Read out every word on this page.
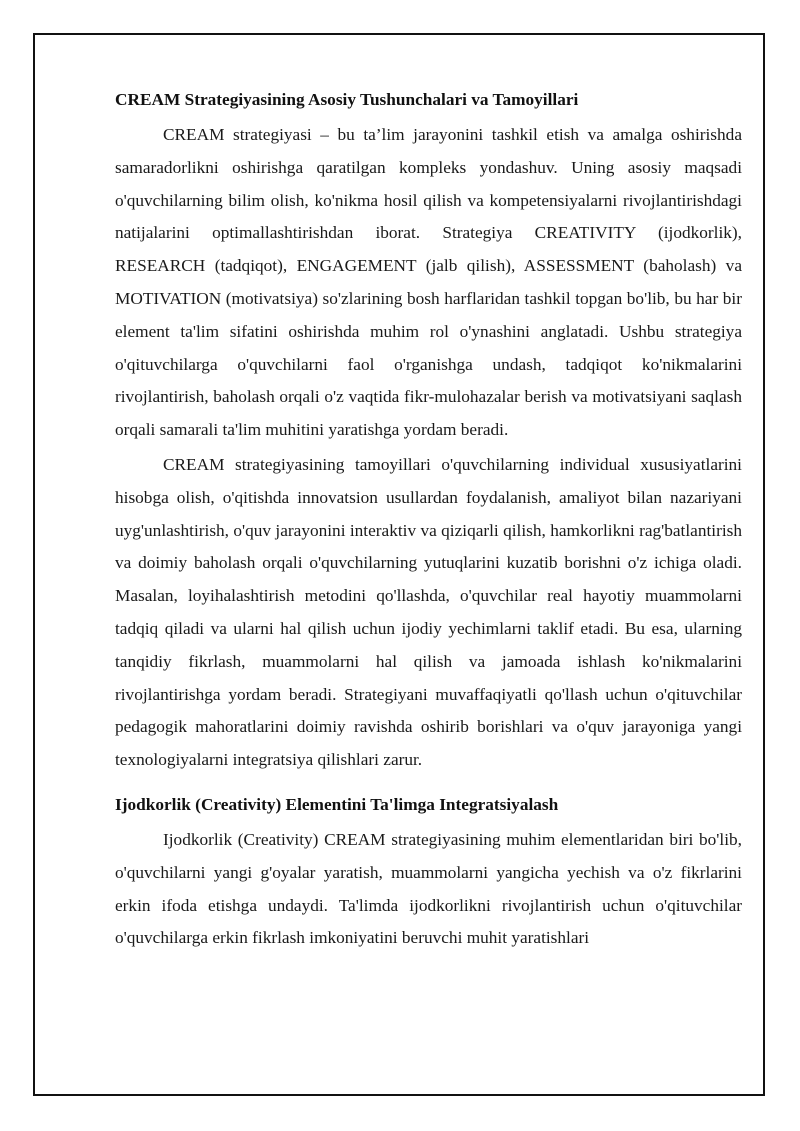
CREAM Strategiyasining Asosiy Tushunchalari va Tamoyillari

CREAM strategiyasi – bu ta’lim jarayonini tashkil etish va amalga oshirishda samaradorlikni oshirishga qaratilgan kompleks yondashuv. Uning asosiy maqsadi o'quvchilarning bilim olish, ko'nikma hosil qilish va kompetensiyalarni rivojlantirishdagi natijalarini optimallashtirishdan iborat. Strategiya CREATIVITY (ijodkorlik), RESEARCH (tadqiqot), ENGAGEMENT (jalb qilish), ASSESSMENT (baholash) va MOTIVATION (motivatsiya) so'zlarining bosh harflaridan tashkil topgan bo'lib, bu har bir element ta'lim sifatini oshirishda muhim rol o'ynashini anglatadi. Ushbu strategiya o'qituvchilarga o'quvchilarni faol o'rganishga undash, tadqiqot ko'nikmalarini rivojlantirish, baholash orqali o'z vaqtida fikr-mulohazalar berish va motivatsiyani saqlash orqali samarali ta'lim muhitini yaratishga yordam beradi.

CREAM strategiyasining tamoyillari o'quvchilarning individual xususiyatlarini hisobga olish, o'qitishda innovatsion usullardan foydalanish, amaliyot bilan nazariyani uyg'unlashtirish, o'quv jarayonini interaktiv va qiziqarli qilish, hamkorlikni rag'batlantirish va doimiy baholash orqali o'quvchilarning yutuqlarini kuzatib borishni o'z ichiga oladi. Masalan, loyihalashtirish metodini qo'llashda, o'quvchilar real hayotiy muammolarni tadqiq qiladi va ularni hal qilish uchun ijodiy yechimlarni taklif etadi. Bu esa, ularning tanqidiy fikrlash, muammolarni hal qilish va jamoada ishlash ko'nikmalarini rivojlantirishga yordam beradi. Strategiyani muvaffaqiyatli qo'llash uchun o'qituvchilar pedagogik mahoratlarini doimiy ravishda oshirib borishlari va o'quv jarayoniga yangi texnologiyalarni integratsiya qilishlari zarur.

Ijodkorlik (Creativity) Elementini Ta'limga Integratsiyalash

Ijodkorlik (Creativity) CREAM strategiyasining muhim elementlaridan biri bo'lib, o'quvchilarni yangi g'oyalar yaratish, muammolarni yangicha yechish va o'z fikrlarini erkin ifoda etishga undaydi. Ta'limda ijodkorlikni rivojlantirish uchun o'qituvchilar o'quvchilarga erkin fikrlash imkoniyatini beruvchi muhit yaratishlari
